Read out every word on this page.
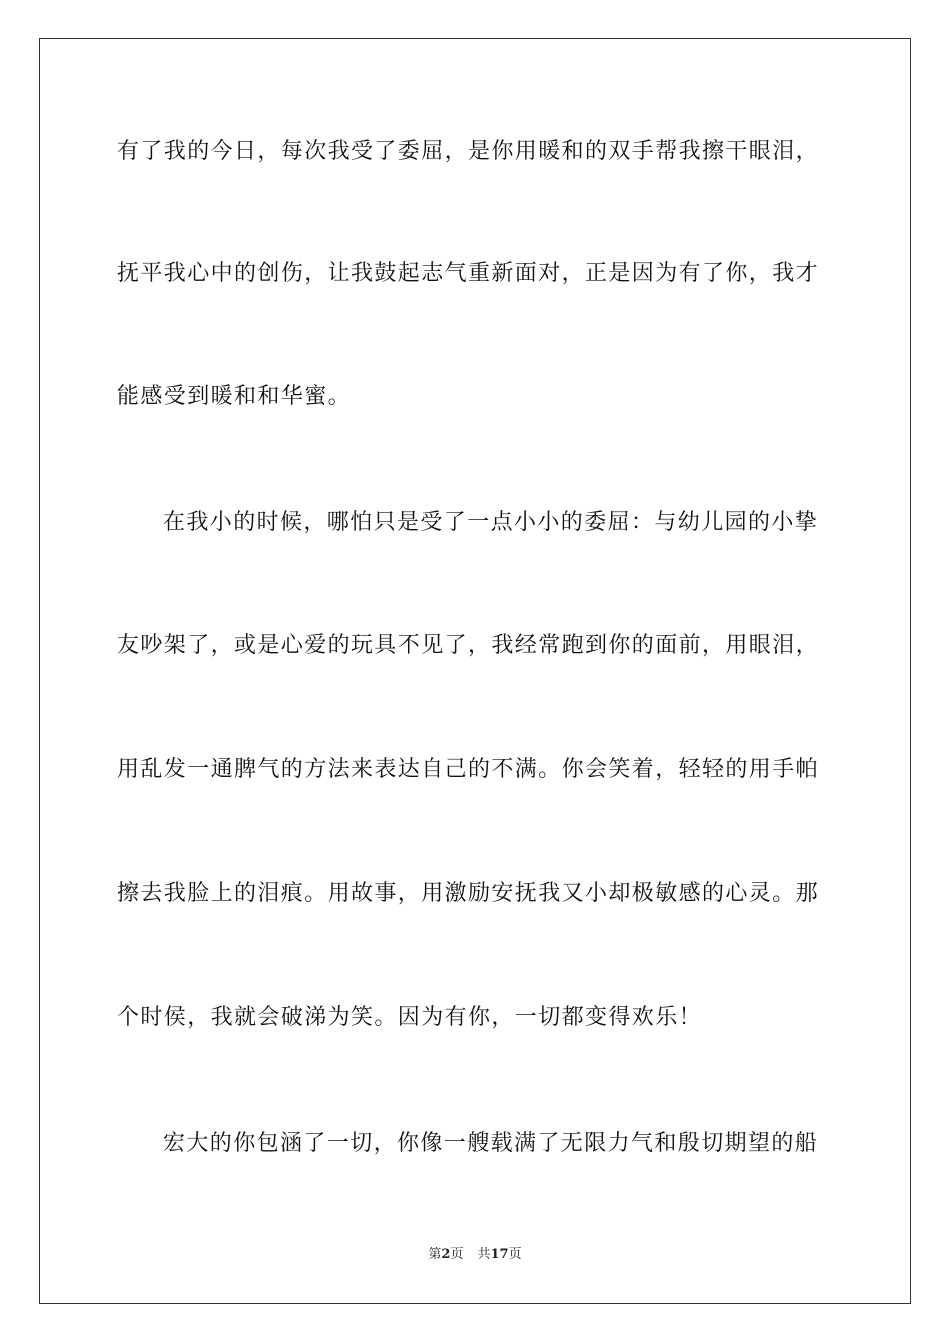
有了我的今日，每次我受了委屈，是你用暖和的双手帮我擦干眼泪，
抚平我心中的创伤，让我鼓起志气重新面对，正是因为有了你，我才
能感受到暖和和华蜜。
在我小的时候，哪怕只是受了一点小小的委屈：与幼儿园的小挚
友吵架了，或是心爱的玩具不见了，我经常跑到你的面前，用眼泪，
用乱发一通脾气的方法来表达自己的不满。你会笑着，轻轻的用手帕
擦去我脸上的泪痕。用故事，用激励安抚我又小却极敏感的心灵。那
个时侯，我就会破涕为笑。因为有你，一切都变得欢乐！
宏大的你包涵了一切，你像一艘载满了无限力气和殷切期望的船
第2页 共17页
